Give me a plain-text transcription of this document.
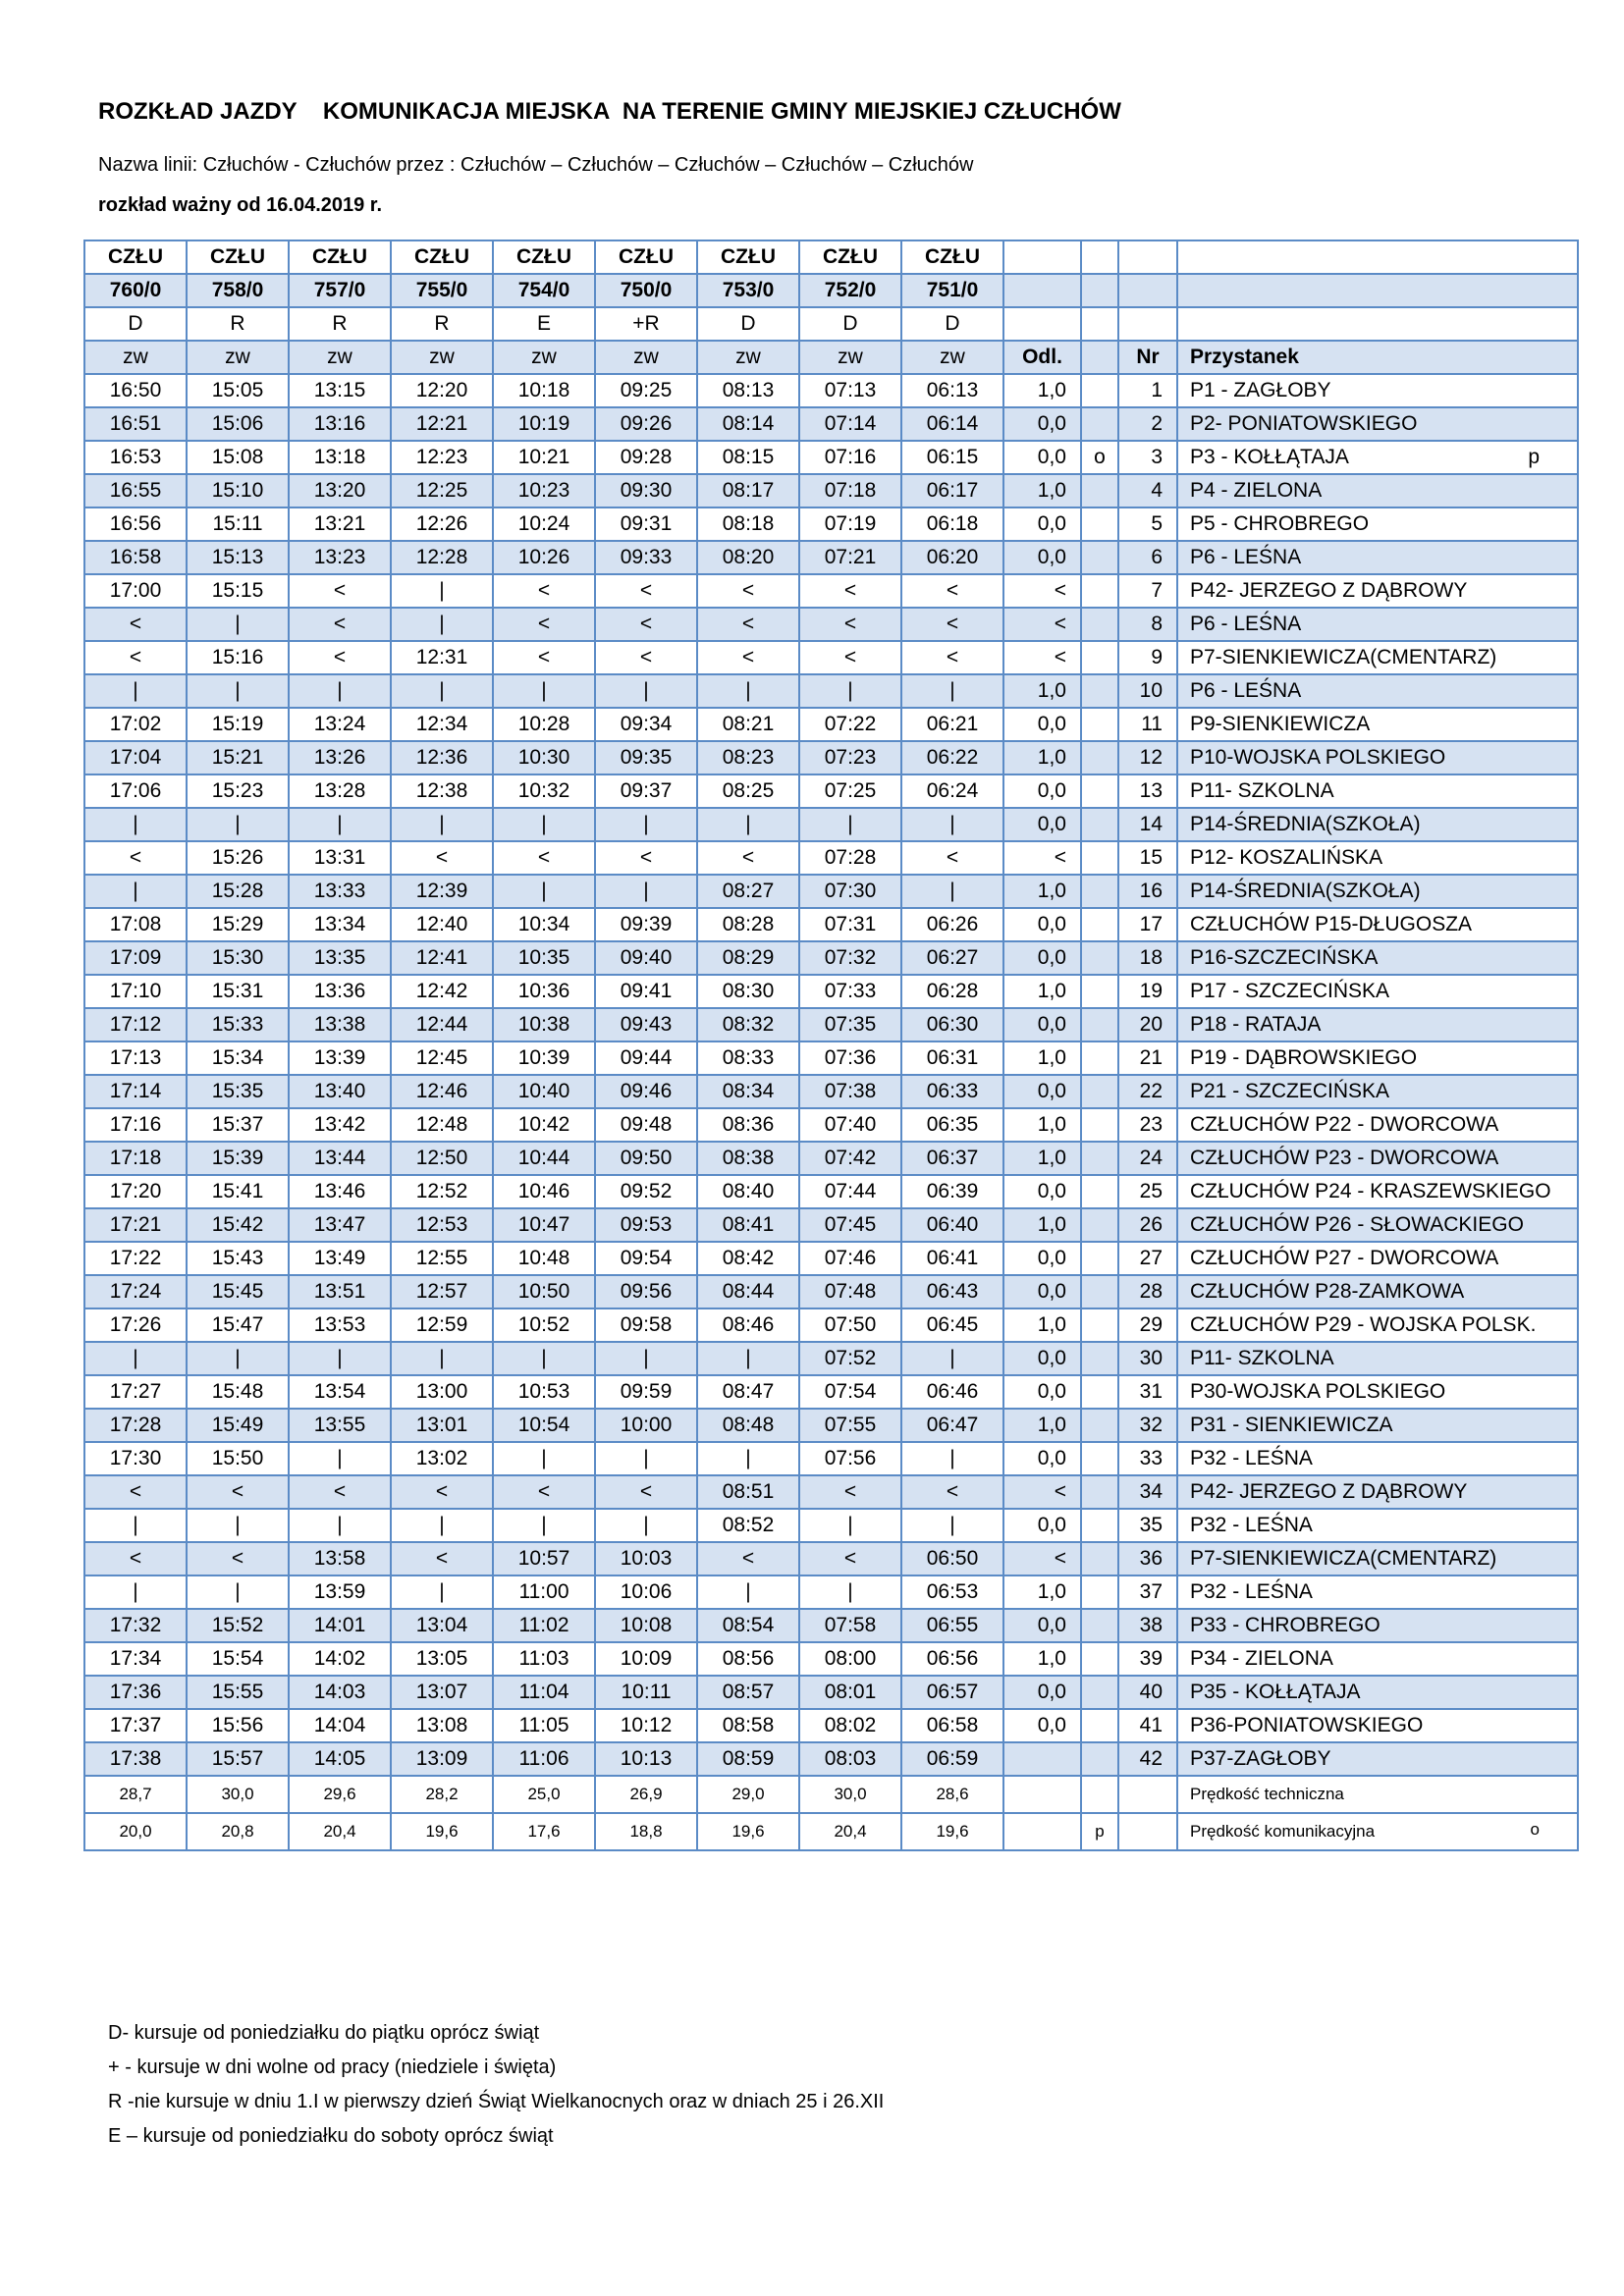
ROZKŁAD JAZDY    KOMUNIKACJA MIEJSKA  NA TERENIE GMINY MIEJSKIEJ CZŁUCHÓW
Nazwa linii: Człuchów - Człuchów przez : Człuchów – Człuchów – Człuchów – Człuchów – Człuchów
rozkład ważny od 16.04.2019 r.
CZŁU	CZŁU	CZŁU	CZŁU	CZŁU	CZŁU	CZŁU	CZŁU	CZŁU				
760/0	758/0	757/0	755/0	754/0	750/0	753/0	752/0	751/0				
D	R	R	R	E	+R	D	D	D				
zw	zw	zw	zw	zw	zw	zw	zw	zw	Odl.		Nr	Przystanek
16:50	15:05	13:15	12:20	10:18	09:25	08:13	07:13	06:13	1,0		1	P1 - ZAGŁOBY

16:51	15:06	13:16	12:21	10:19	09:26	08:14	07:14	06:14	0,0		2	P2- PONIATOWSKIEGO

16:53	15:08	13:18	12:23	10:21	09:28	08:15	07:16	06:15	0,0	o	3	P3 - KOŁŁĄTAJA p

16:55	15:10	13:20	12:25	10:23	09:30	08:17	07:18	06:17	1,0		4	P4 - ZIELONA

16:56	15:11	13:21	12:26	10:24	09:31	08:18	07:19	06:18	0,0		5	P5 - CHROBREGO

16:58	15:13	13:23	12:28	10:26	09:33	08:20	07:21	06:20	0,0		6	P6 - LEŚNA

17:00	15:15	<	|	<	<	<	<	<	<		7	P42- JERZEGO Z DĄBROWY

<	|	<	|	<	<	<	<	<	<		8	P6 - LEŚNA

<	15:16	<	12:31	<	<	<	<	<	<		9	P7-SIENKIEWICZA(CMENTARZ)

|	|	|	|	|	|	|	|	|	1,0		10	P6 - LEŚNA

17:02	15:19	13:24	12:34	10:28	09:34	08:21	07:22	06:21	0,0		11	P9-SIENKIEWICZA

17:04	15:21	13:26	12:36	10:30	09:35	08:23	07:23	06:22	1,0		12	P10-WOJSKA POLSKIEGO

17:06	15:23	13:28	12:38	10:32	09:37	08:25	07:25	06:24	0,0		13	P11- SZKOLNA

|	|	|	|	|	|	|	|	|	0,0		14	P14-ŚREDNIA(SZKOŁA)

<	15:26	13:31	<	<	<	<	07:28	<	<		15	P12- KOSZALIŃSKA

|	15:28	13:33	12:39	|	|	08:27	07:30	|	1,0		16	P14-ŚREDNIA(SZKOŁA)

17:08	15:29	13:34	12:40	10:34	09:39	08:28	07:31	06:26	0,0		17	CZŁUCHÓW P15-DŁUGOSZA

17:09	15:30	13:35	12:41	10:35	09:40	08:29	07:32	06:27	0,0		18	P16-SZCZECIŃSKA

17:10	15:31	13:36	12:42	10:36	09:41	08:30	07:33	06:28	1,0		19	P17 - SZCZECIŃSKA

17:12	15:33	13:38	12:44	10:38	09:43	08:32	07:35	06:30	0,0		20	P18 - RATAJA

17:13	15:34	13:39	12:45	10:39	09:44	08:33	07:36	06:31	1,0		21	P19 - DĄBROWSKIEGO

17:14	15:35	13:40	12:46	10:40	09:46	08:34	07:38	06:33	0,0		22	P21 - SZCZECIŃSKA

17:16	15:37	13:42	12:48	10:42	09:48	08:36	07:40	06:35	1,0		23	CZŁUCHÓW P22 - DWORCOWA

17:18	15:39	13:44	12:50	10:44	09:50	08:38	07:42	06:37	1,0		24	CZŁUCHÓW P23 - DWORCOWA

17:20	15:41	13:46	12:52	10:46	09:52	08:40	07:44	06:39	0,0		25	CZŁUCHÓW P24 - KRASZEWSKIEGO

17:21	15:42	13:47	12:53	10:47	09:53	08:41	07:45	06:40	1,0		26	CZŁUCHÓW P26 - SŁOWACKIEGO

17:22	15:43	13:49	12:55	10:48	09:54	08:42	07:46	06:41	0,0		27	CZŁUCHÓW P27 - DWORCOWA

17:24	15:45	13:51	12:57	10:50	09:56	08:44	07:48	06:43	0,0		28	CZŁUCHÓW P28-ZAMKOWA

17:26	15:47	13:53	12:59	10:52	09:58	08:46	07:50	06:45	1,0		29	CZŁUCHÓW P29 - WOJSKA POLSK.

|	|	|	|	|	|	|	07:52	|	0,0		30	P11- SZKOLNA

17:27	15:48	13:54	13:00	10:53	09:59	08:47	07:54	06:46	0,0		31	P30-WOJSKA POLSKIEGO

17:28	15:49	13:55	13:01	10:54	10:00	08:48	07:55	06:47	1,0		32	P31 - SIENKIEWICZA

17:30	15:50	|	13:02	|	|	|	07:56	|	0,0		33	P32 - LEŚNA

<	<	<	<	<	<	08:51	<	<	<		34	P42- JERZEGO Z DĄBROWY

|	|	|	|	|	|	08:52	|	|	0,0		35	P32 - LEŚNA

<	<	13:58	<	10:57	10:03	<	<	06:50	<		36	P7-SIENKIEWICZA(CMENTARZ)

|	|	13:59	|	11:00	10:06	|	|	06:53	1,0		37	P32 - LEŚNA

17:32	15:52	14:01	13:04	11:02	10:08	08:54	07:58	06:55	0,0		38	P33 - CHROBREGO

17:34	15:54	14:02	13:05	11:03	10:09	08:56	08:00	06:56	1,0		39	P34 - ZIELONA

17:36	15:55	14:03	13:07	11:04	10:11	08:57	08:01	06:57	0,0		40	P35 - KOŁŁĄTAJA

17:37	15:56	14:04	13:08	11:05	10:12	08:58	08:02	06:58	0,0		41	P36-PONIATOWSKIEGO

17:38	15:57	14:05	13:09	11:06	10:13	08:59	08:03	06:59			42	P37-ZAGŁOBY

28,7	30,0	29,6	28,2	25,0	26,9	29,0	30,0	28,6				Prędkość techniczna

20,0	20,8	20,4	19,6	17,6	18,8	19,6	20,4	19,6		p		Prędkość komunikacyjna o
D- kursuje od poniedziałku do piątku oprócz świąt
+ - kursuje w dni wolne od pracy (niedziele i święta)
R -nie kursuje w dniu 1.I w pierwszy dzień Świąt Wielkanocnych oraz w dniach 25 i 26.XII
E – kursuje od poniedziałku do soboty oprócz świąt
